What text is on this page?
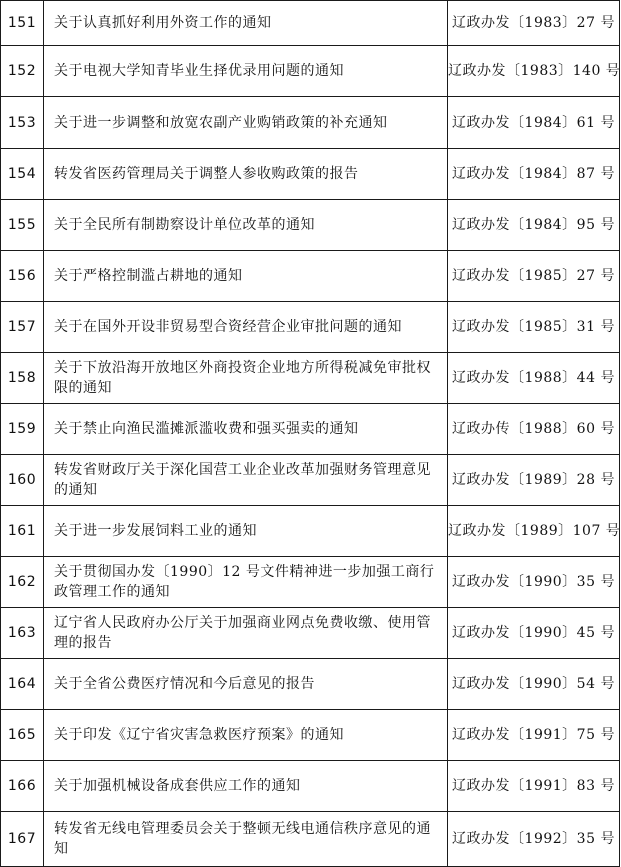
151	关于认真抓好利用外资工作的通知	辽政办发〔1983〕27 号
152	关于电视大学知青毕业生择优录用问题的通知	辽政办发〔1983〕140 号
153	关于进一步调整和放宽农副产业购销政策的补充通知	辽政办发〔1984〕61 号
154	转发省医药管理局关于调整人参收购政策的报告	辽政办发〔1984〕87 号
155	关于全民所有制勘察设计单位改革的通知	辽政办发〔1984〕95 号
156	关于严格控制滥占耕地的通知	辽政办发〔1985〕27 号
157	关于在国外开设非贸易型合资经营企业审批问题的通知	辽政办发〔1985〕31 号
158	关于下放沿海开放地区外商投资企业地方所得税减免审批权限的通知	辽政办发〔1988〕44 号
159	关于禁止向渔民滥摊派滥收费和强买强卖的通知	辽政办传〔1988〕60 号
160	转发省财政厅关于深化国营工业企业改革加强财务管理意见的通知	辽政办发〔1989〕28 号
161	关于进一步发展饲料工业的通知	辽政办发〔1989〕107 号
162	关于贯彻国办发〔1990〕12 号文件精神进一步加强工商行政管理工作的通知	辽政办发〔1990〕35 号
163	辽宁省人民政府办公厅关于加强商业网点免费收缴、使用管理的报告	辽政办发〔1990〕45 号
164	关于全省公费医疗情况和今后意见的报告	辽政办发〔1990〕54 号
165	关于印发《辽宁省灾害急救医疗预案》的通知	辽政办发〔1991〕75 号
166	关于加强机械设备成套供应工作的通知	辽政办发〔1991〕83 号
167	转发省无线电管理委员会关于整顿无线电通信秩序意见的通知	辽政办发〔1992〕35 号
